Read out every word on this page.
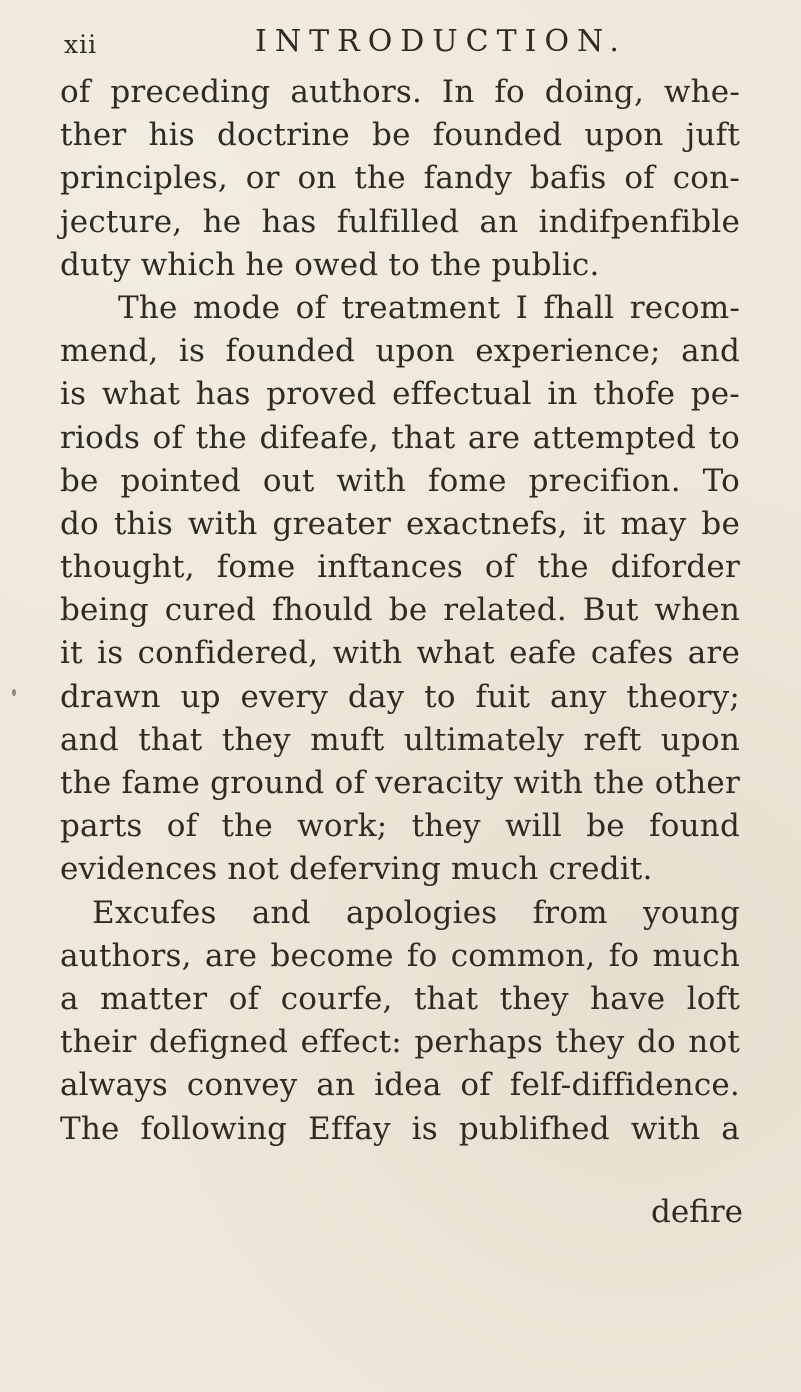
xii	INTRODUCTION.
of preceding authors. In fo doing, whe-
ther his doctrine be founded upon juft
principles, or on the fandy bafis of con-
jecture, he has fulfilled an indifpenfible
duty which he owed to the public.
The mode of treatment I fhall recom-
mend, is founded upon experience; and
is what has proved effectual in thofe pe-
riods of the difeafe, that are attempted to
be pointed out with fome precifion. To
do this with greater exactnefs, it may be
thought, fome inftances of the diforder
being cured fhould be related. But when
it is confidered, with what eafe cafes are
drawn up every day to fuit any theory;
and that they muft ultimately reft upon
the fame ground of veracity with the other
parts of the work; they will be found
evidences not deferving much credit.
Excufes and apologies from young
authors, are become fo common, fo much
a matter of courfe, that they have loft
their defigned effect: perhaps they do not
always convey an idea of felf-diffidence.
The following Effay is publifhed with a
defire
